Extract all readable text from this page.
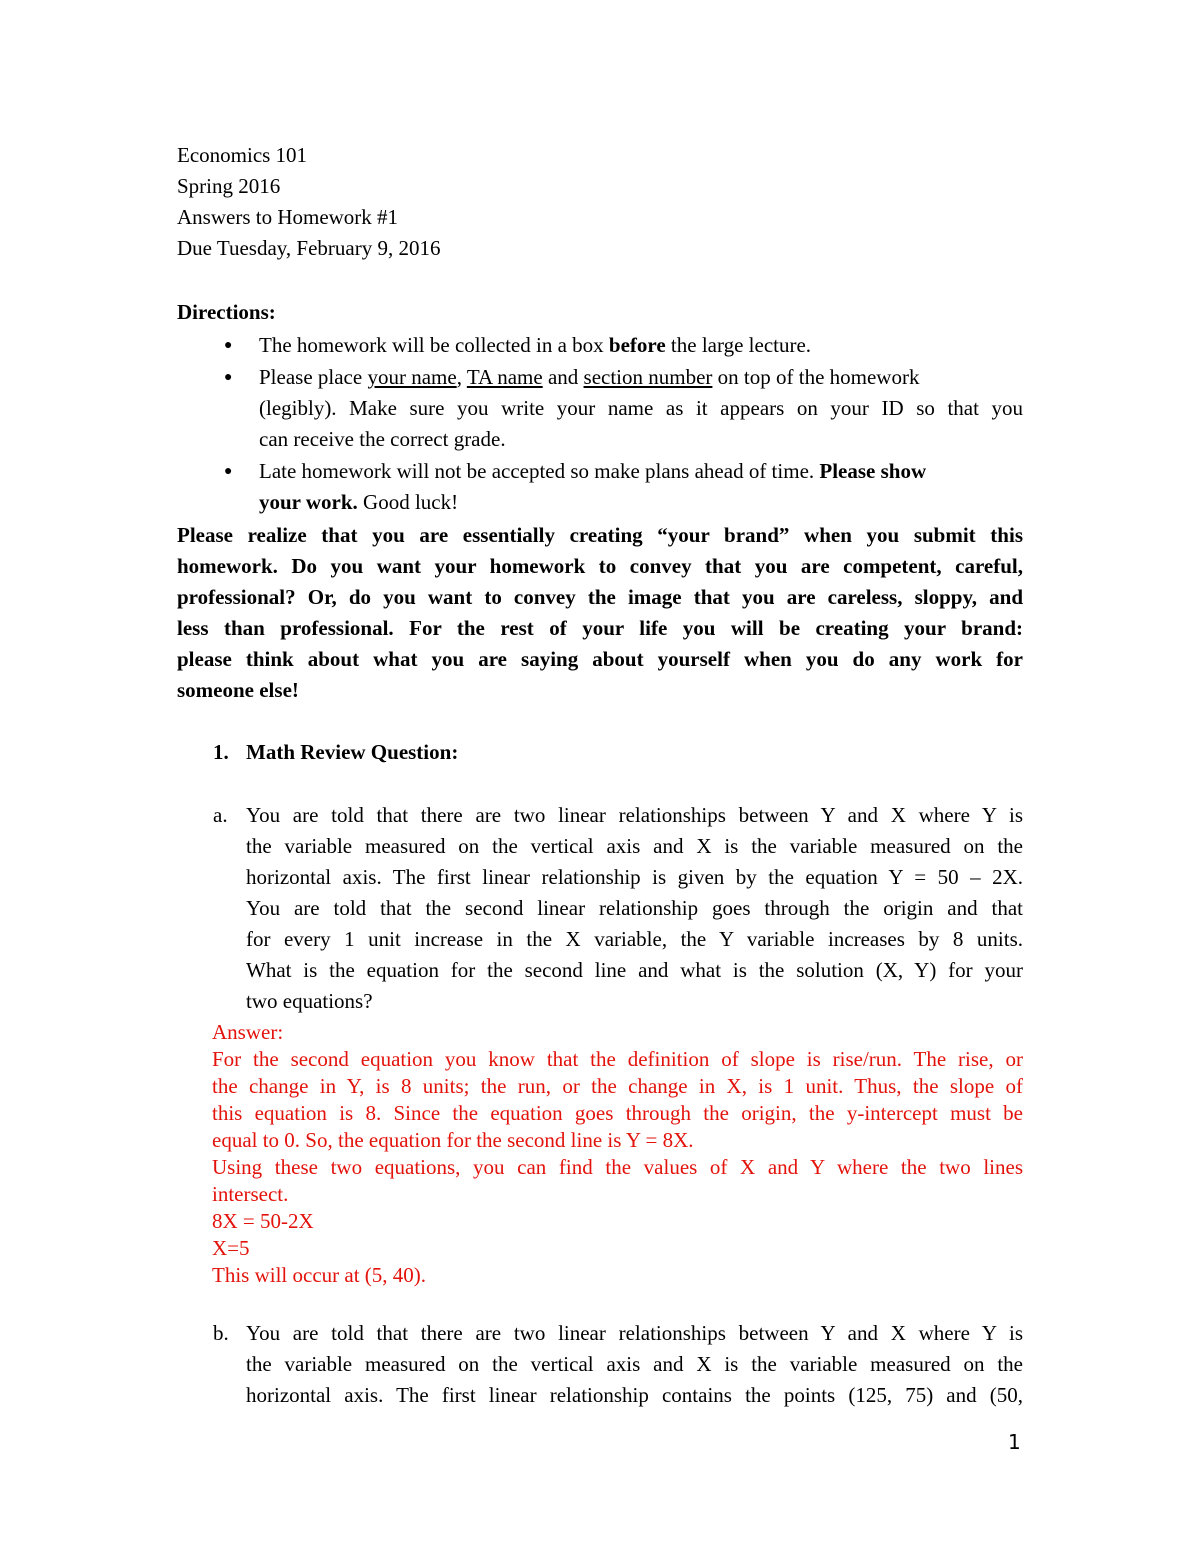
Economics 101
Spring 2016
Answers to Homework #1
Due Tuesday, February 9, 2016
Directions:
● The homework will be collected in a box before the large lecture.
● Please place your name, TA name and section number on top of the homework
(legibly). Make sure you write your name as it appears on your ID so that you
can receive the correct grade.
● Late homework will not be accepted so make plans ahead of time. Please show
your work. Good luck!
Please realize that you are essentially creating “your brand” when you submit this
homework. Do you want your homework to convey that you are competent, careful,
professional? Or, do you want to convey the image that you are careless, sloppy, and
less than professional. For the rest of your life you will be creating your brand:
please think about what you are saying about yourself when you do any work for
someone else!
1. Math Review Question:
a. You are told that there are two linear relationships between Y and X where Y is
the variable measured on the vertical axis and X is the variable measured on the
horizontal axis. The first linear relationship is given by the equation Y = 50 – 2X.
You are told that the second linear relationship goes through the origin and that
for every 1 unit increase in the X variable, the Y variable increases by 8 units.
What is the equation for the second line and what is the solution (X, Y) for your
two equations?
Answer:
For the second equation you know that the definition of slope is rise/run. The rise, or
the change in Y, is 8 units; the run, or the change in X, is 1 unit. Thus, the slope of
this equation is 8. Since the equation goes through the origin, the y-intercept must be
equal to 0. So, the equation for the second line is Y = 8X.
Using these two equations, you can find the values of X and Y where the two lines
intersect.
8X = 50-2X
X=5
This will occur at (5, 40).
b. You are told that there are two linear relationships between Y and X where Y is
the variable measured on the vertical axis and X is the variable measured on the
horizontal axis. The first linear relationship contains the points (125, 75) and (50,
1
